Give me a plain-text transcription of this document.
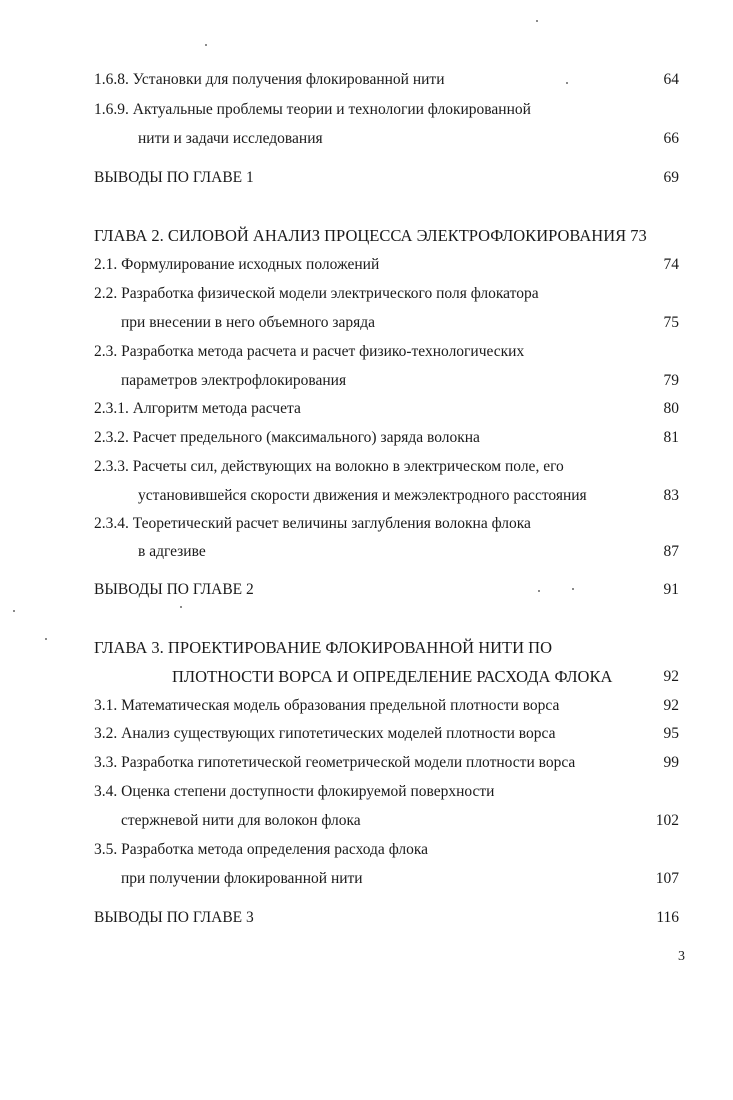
1.6.8. Установки для получения флокированной нити	64
1.6.9. Актуальные проблемы теории и технологии флокированной
нити и задачи исследования	66
ВЫВОДЫ ПО ГЛАВЕ 1	69
ГЛАВА 2. СИЛОВОЙ АНАЛИЗ ПРОЦЕССА ЭЛЕКТРОФЛОКИРОВАНИЯ 73
2.1. Формулирование исходных положений	74
2.2. Разработка физической модели электрического поля флокатора
при внесении в него объемного заряда	75
2.3. Разработка метода расчета и расчет физико-технологических
параметров электрофлокирования	79
2.3.1. Алгоритм метода расчета	80
2.3.2. Расчет предельного (максимального) заряда волокна	81
2.3.3. Расчеты сил, действующих на волокно в электрическом поле, его
установившейся скорости движения и межэлектродного расстояния	83
2.3.4. Теоретический расчет величины заглубления волокна флока
в адгезиве	87
ВЫВОДЫ ПО ГЛАВЕ 2	91
ГЛАВА 3. ПРОЕКТИРОВАНИЕ ФЛОКИРОВАННОЙ НИТИ ПО
ПЛОТНОСТИ ВОРСА И ОПРЕДЕЛЕНИЕ РАСХОДА ФЛОКА	92
3.1. Математическая модель образования предельной плотности ворса	92
3.2. Анализ существующих гипотетических моделей плотности ворса	95
3.3. Разработка гипотетической геометрической модели плотности ворса	99
3.4. Оценка степени доступности флокируемой поверхности
стержневой нити для волокон флока	102
3.5. Разработка метода определения расхода флока
при получении флокированной нити	107
ВЫВОДЫ ПО ГЛАВЕ 3	116
3
